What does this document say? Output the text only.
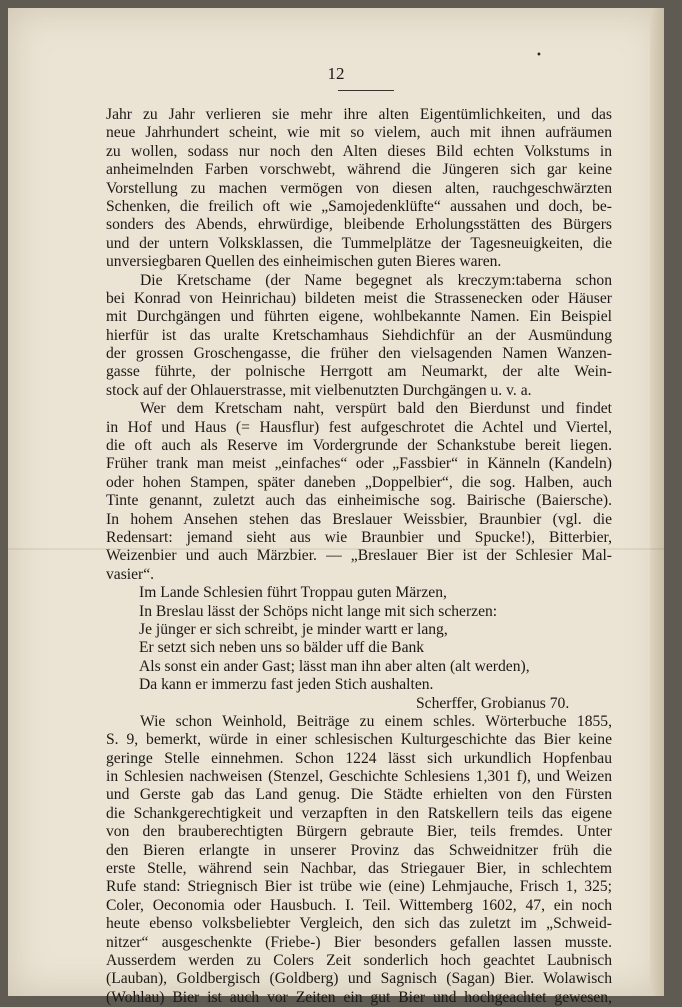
•
12
Jahr zu Jahr verlieren sie mehr ihre alten Eigentümlichkeiten, und das
neue Jahrhundert scheint, wie mit so vielem, auch mit ihnen aufräumen
zu wollen, sodass nur noch den Alten dieses Bild echten Volkstums in
anheimelnden Farben vorschwebt, während die Jüngeren sich gar keine
Vorstellung zu machen vermögen von diesen alten, rauchgeschwärzten
Schenken, die freilich oft wie „Samojedenklüfte“ aussahen und doch, be-
sonders des Abends, ehrwürdige, bleibende Erholungsstätten des Bürgers
und der untern Volksklassen, die Tummelplätze der Tagesneuigkeiten, die
unversiegbaren Quellen des einheimischen guten Bieres waren.
Die Kretschame (der Name begegnet als kreczym:taberna schon
bei Konrad von Heinrichau) bildeten meist die Strassenecken oder Häuser
mit Durchgängen und führten eigene, wohlbekannte Namen. Ein Beispiel
hierfür ist das uralte Kretschamhaus Siehdichfür an der Ausmündung
der grossen Groschengasse, die früher den vielsagenden Namen Wanzen-
gasse führte, der polnische Herrgott am Neumarkt, der alte Wein-
stock auf der Ohlauerstrasse, mit vielbenutzten Durchgängen u. v. a.
Wer dem Kretscham naht, verspürt bald den Bierdunst und findet
in Hof und Haus (= Hausflur) fest aufgeschrotet die Achtel und Viertel,
die oft auch als Reserve im Vordergrunde der Schankstube bereit liegen.
Früher trank man meist „einfaches“ oder „Fassbier“ in Känneln (Kandeln)
oder hohen Stampen, später daneben „Doppelbier“, die sog. Halben, auch
Tinte genannt, zuletzt auch das einheimische sog. Bairische (Baiersche).
In hohem Ansehen stehen das Breslauer Weissbier, Braunbier (vgl. die
Redensart: jemand sieht aus wie Braunbier und Spucke!), Bitterbier,
Weizenbier und auch Märzbier. — „Breslauer Bier ist der Schlesier Mal-
vasier“.
Im Lande Schlesien führt Troppau guten Märzen,
In Breslau lässt der Schöps nicht lange mit sich scherzen:
Je jünger er sich schreibt, je minder wartt er lang,
Er setzt sich neben uns so bälder uff die Bank
Als sonst ein ander Gast; lässt man ihn aber alten (alt werden),
Da kann er immerzu fast jeden Stich aushalten.
Scherffer, Grobianus 70.
Wie schon Weinhold, Beiträge zu einem schles. Wörterbuche 1855,
S. 9, bemerkt, würde in einer schlesischen Kulturgeschichte das Bier keine
geringe Stelle einnehmen. Schon 1224 lässt sich urkundlich Hopfenbau
in Schlesien nachweisen (Stenzel, Geschichte Schlesiens 1,301 f), und Weizen
und Gerste gab das Land genug. Die Städte erhielten von den Fürsten
die Schankgerechtigkeit und verzapften in den Ratskellern teils das eigene
von den brauberechtigten Bürgern gebraute Bier, teils fremdes. Unter
den Bieren erlangte in unserer Provinz das Schweidnitzer früh die
erste Stelle, während sein Nachbar, das Striegauer Bier, in schlechtem
Rufe stand: Striegnisch Bier ist trübe wie (eine) Lehmjauche, Frisch 1, 325;
Coler, Oeconomia oder Hausbuch. I. Teil. Wittemberg 1602, 47, ein noch
heute ebenso volksbeliebter Vergleich, den sich das zuletzt im „Schweid-
nitzer“ ausgeschenkte (Friebe-) Bier besonders gefallen lassen musste.
Ausserdem werden zu Colers Zeit sonderlich hoch geachtet Laubnisch
(Lauban), Goldbergisch (Goldberg) und Sagnisch (Sagan) Bier. Wolawisch
(Wohlau) Bier ist auch vor Zeiten ein gut Bier und hochgeachtet gewesen,
